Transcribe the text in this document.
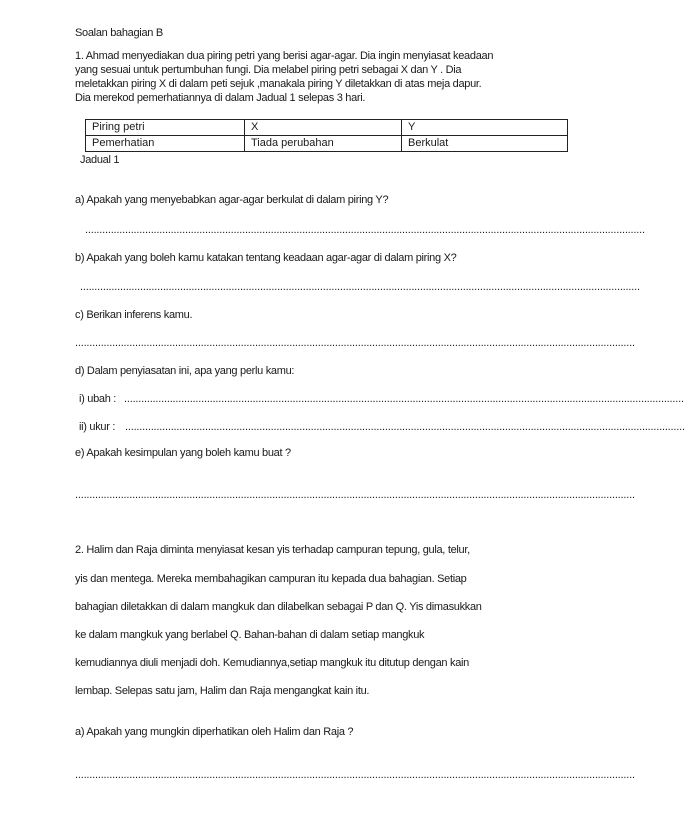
Soalan bahagian B
1. Ahmad menyediakan dua piring petri yang berisi agar-agar. Dia ingin menyiasat keadaan
yang sesuai untuk pertumbuhan fungi. Dia melabel piring petri sebagai X dan Y . Dia
meletakkan piring X di dalam peti sejuk ,manakala piring Y diletakkan di atas meja dapur.
Dia merekod pemerhatiannya di dalam Jadual 1 selepas 3 hari.
Piring petri	X	Y
Pemerhatian	Tiada perubahan	Berkulat
Jadual 1
a) Apakah yang menyebabkan agar-agar berkulat di dalam piring Y?
....................................................................................................................................................................................................
b) Apakah yang boleh kamu katakan tentang keadaan agar-agar di dalam piring X?
....................................................................................................................................................................................................
c) Berikan inferens kamu.
....................................................................................................................................................................................................
d) Dalam penyiasatan ini, apa yang perlu kamu:
i) ubah : ....................................................................................................................................................................................................
ii) ukur : ....................................................................................................................................................................................................
e) Apakah kesimpulan yang boleh kamu buat ?
....................................................................................................................................................................................................
2. Halim dan Raja diminta menyiasat kesan yis terhadap campuran tepung, gula, telur,
yis dan mentega. Mereka membahagikan campuran itu kepada dua bahagian. Setiap
bahagian diletakkan di dalam mangkuk dan dilabelkan sebagai P dan Q. Yis dimasukkan
ke dalam mangkuk yang berlabel Q. Bahan-bahan di dalam setiap mangkuk
kemudiannya diuli menjadi doh. Kemudiannya,setiap mangkuk itu ditutup dengan kain
lembap. Selepas satu jam, Halim dan Raja mengangkat kain itu.
a) Apakah yang mungkin diperhatikan oleh Halim dan Raja ?
....................................................................................................................................................................................................
